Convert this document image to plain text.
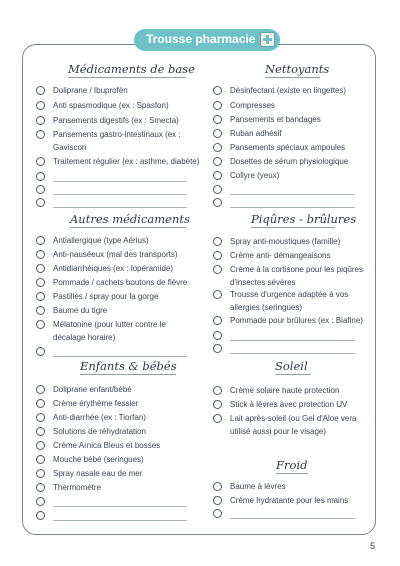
Trousse pharmacie
Médicaments de base
Doliprane / Ibuprofèn
Anti spasmodique (ex : Spasfon)
Pansements digestifs (ex : Smecta)
Pansements gastro-intestinaux (ex : Gaviscon
Traitement régulier (ex : asthme, diabète)
Nettoyants
Désinfectant (existe en lingettes)
Compresses
Pansements et bandages
Ruban adhésif
Pansements spéciaux ampoules
Dosettes de sérum physiologique
Collyre (yeux)
Autres médicaments
Antiallergique (type Aérius)
Anti-nauséeux (mal des transports)
Antidiarrhéiques (ex : lopéramide)
Pommade / cachets boutons de fièvre
Pastilles / spray pour la gorge
Baume du tigre
Mélatonine (pour lutter contre le décalage horaire)
Piqûres - brûlures
Spray anti-moustiques (famille)
Crème anti- démangeaisons
Crème à la cortisone pour les piqûres d'insectes sévères
Trousse d'urgence adaptée à vos allergies (seringues)
Pommade pour brûlures (ex : Biafine)
Enfants & bébés
Doliprane enfant/bébé
Crème érythème fessier
Anti-diarrhée (ex : Tiorfan)
Solutions de réhydratation
Crème Arnica Bleus et bosses
Mouche bébé (seringues)
Spray nasale eau de mer
Thermomètre
Soleil
Crème solaire haute protection
Stick à lèvres avec protection UV
Lait après-soleil (ou Gel d'Aloe vera utilisé aussi pour le visage)
Froid
Baume à lèvres
Crème hydratante pour les mains
5
